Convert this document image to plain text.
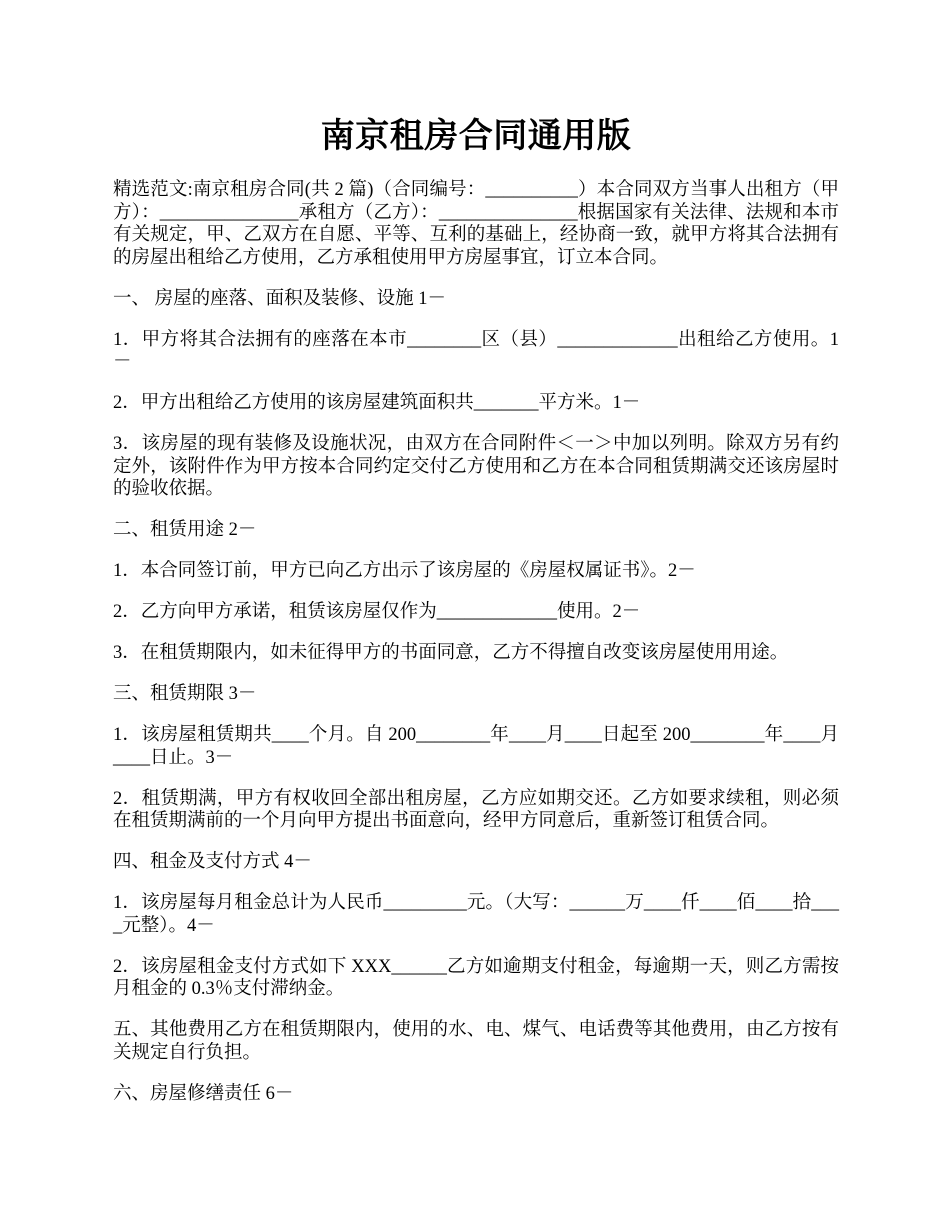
南京租房合同通用版

精选范文:南京租房合同(共 2 篇)（合同编号：__________）本合同双方当事人出租方（甲方）：_______________承租方（乙方）：_______________根据国家有关法律、法规和本市有关规定，甲、乙双方在自愿、平等、互利的基础上，经协商一致，就甲方将其合法拥有的房屋出租给乙方使用，乙方承租使用甲方房屋事宜，订立本合同。

一、 房屋的座落、面积及装修、设施 1－

1．甲方将其合法拥有的座落在本市________区（县）_____________出租给乙方使用。1－

2．甲方出租给乙方使用的该房屋建筑面积共_______平方米。1－

3．该房屋的现有装修及设施状况，由双方在合同附件＜一＞中加以列明。除双方另有约定外，该附件作为甲方按本合同约定交付乙方使用和乙方在本合同租赁期满交还该房屋时的验收依据。

二、租赁用途 2－

1．本合同签订前，甲方已向乙方出示了该房屋的《房屋权属证书》。2－

2．乙方向甲方承诺，租赁该房屋仅作为_____________使用。2－

3．在租赁期限内，如未征得甲方的书面同意，乙方不得擅自改变该房屋使用用途。

三、租赁期限 3－

1．该房屋租赁期共____个月。自 200________年____月____日起至 200________年____月____日止。3－

2．租赁期满，甲方有权收回全部出租房屋，乙方应如期交还。乙方如要求续租，则必须在租赁期满前的一个月向甲方提出书面意向，经甲方同意后，重新签订租赁合同。

四、租金及支付方式 4－

1．该房屋每月租金总计为人民币_________元。（大写：______万____仟____佰____拾____元整）。4－

2．该房屋租金支付方式如下 XXX______乙方如逾期支付租金，每逾期一天，则乙方需按月租金的 0.3％支付滞纳金。

五、其他费用乙方在租赁期限内，使用的水、电、煤气、电话费等其他费用，由乙方按有关规定自行负担。

六、房屋修缮责任 6－
